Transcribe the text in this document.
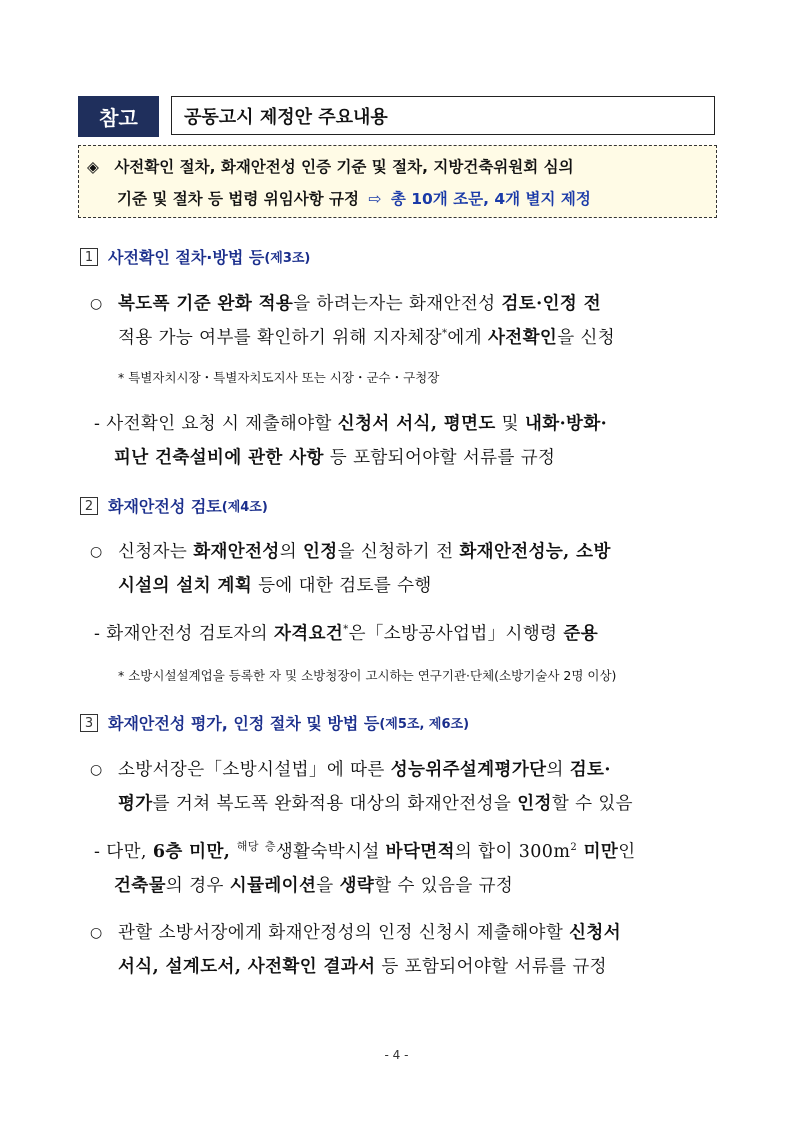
참고	공동고시 제정안 주요내용
◈ 사전확인 절차, 화재안전성 인증 기준 및 절차, 지방건축위원회 심의
기준 및 절차 등 법령 위임사항 규정 ⇨ 총 10개 조문, 4개 별지 제정
1 사전확인 절차·방법 등 (제3조)
○ 복도폭 기준 완화 적용을 하려는자는 화재안전성 검토·인정 전
적용 가능 여부를 확인하기 위해 지자체장*에게 사전확인을 신청
* 특별자치시장・특별자치도지사 또는 시장・군수・구청장
- 사전확인 요청 시 제출해야할 신청서 서식, 평면도 및 내화·방화·
피난 건축설비에 관한 사항 등 포함되어야할 서류를 규정
2 화재안전성 검토 (제4조)
○ 신청자는 화재안전성의 인정을 신청하기 전 화재안전성능, 소방
시설의 설치 계획 등에 대한 검토를 수행
- 화재안전성 검토자의 자격요건*은「소방공사업법」시행령 준용
* 소방시설설계업을 등록한 자 및 소방청장이 고시하는 연구기관·단체(소방기술사 2명 이상)
3 화재안전성 평가, 인정 절차 및 방법 등 (제5조, 제6조)
○ 소방서장은「소방시설법」에 따른 성능위주설계평가단의 검토·
평가를 거쳐 복도폭 완화적용 대상의 화재안전성을 인정할 수 있음
- 다만, 6층 미만, $^{해당}$ $^층$생활숙박시설 바닥면적의 합이 $300m^2$ 미만인
건축물의 경우 시뮬레이션을 생략할 수 있음을 규정
○ 관할 소방서장에게 화재안정성의 인정 신청시 제출해야할 신청서
서식, 설계도서, 사전확인 결과서 등 포함되어야할 서류를 규정
- 4 -
